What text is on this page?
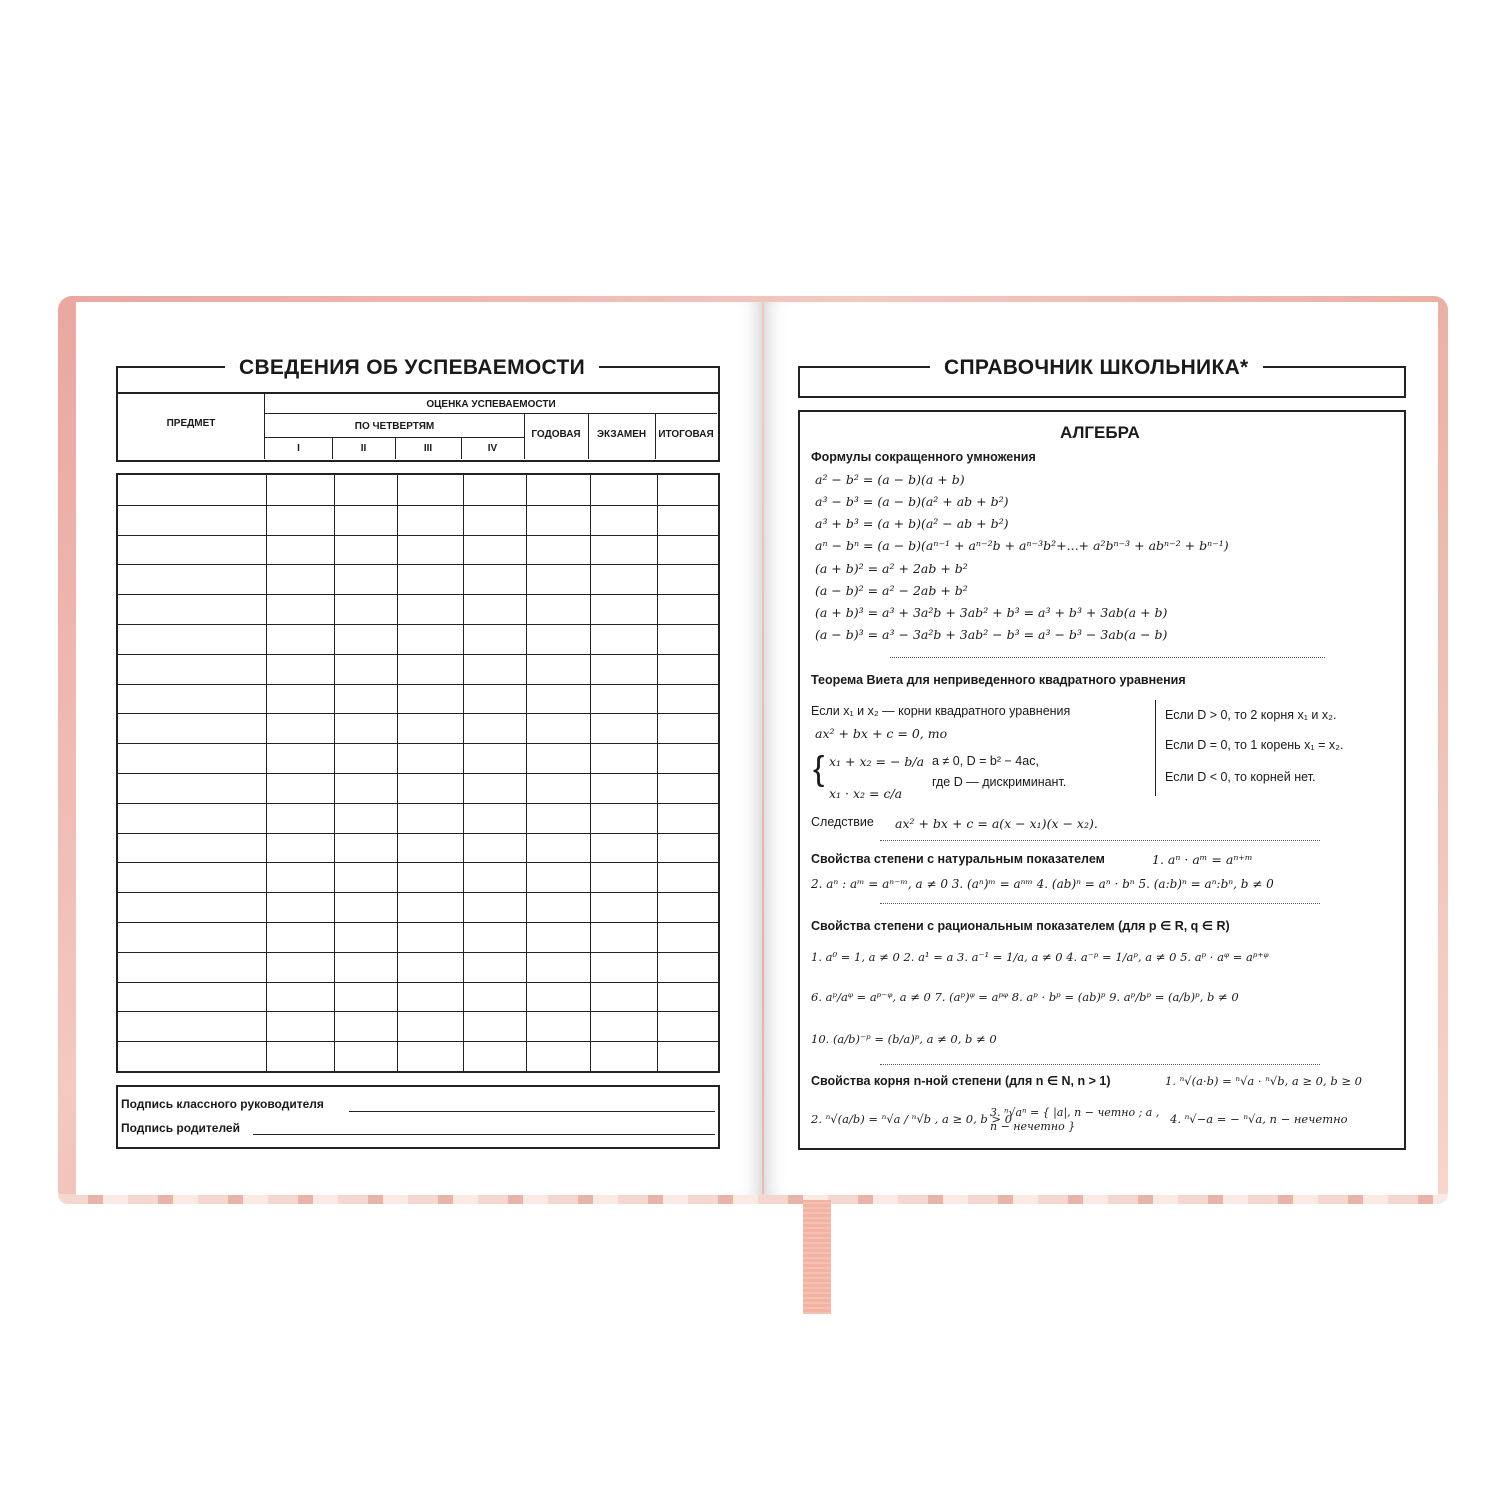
СВЕДЕНИЯ ОБ УСПЕВАЕМОСТИ
ПРЕДМЕТ
ОЦЕНКА УСПЕВАЕМОСТИ
ПО ЧЕТВЕРТЯМ
I	II	III	IV
ГОДОВАЯ	ЭКЗАМЕН	ИТОГОВАЯ
Подпись классного руководителя
Подпись родителей
СПРАВОЧНИК ШКОЛЬНИКА*
АЛГЕБРА
Формулы сокращенного умножения
a² − b² = (a − b)(a + b)
a³ − b³ = (a − b)(a² + ab + b²)
a³ + b³ = (a + b)(a² − ab + b²)
aⁿ − bⁿ = (a − b)(aⁿ⁻¹ + aⁿ⁻²b + aⁿ⁻³b²+...+ a²bⁿ⁻³ + abⁿ⁻² + bⁿ⁻¹)
(a + b)² = a² + 2ab + b²
(a − b)² = a² − 2ab + b²
(a + b)³ = a³ + 3a²b + 3ab² + b³ = a³ + b³ + 3ab(a + b)
(a − b)³ = a³ − 3a²b + 3ab² − b³ = a³ − b³ − 3ab(a − b)
Теорема Виета для неприведенного квадратного уравнения
Если x₁ и x₂ — корни квадратного уравнения
ax² + bx + c = 0, то
{ x₁ + x₂ = − b/a
x₁ · x₂ = c/a
a ≠ 0, D = b² − 4ac,
где D — дискриминант.
Если D > 0, то 2 корня x₁ и x₂.
Если D = 0, то 1 корень x₁ = x₂.
Если D < 0, то корней нет.
Следствие ax² + bx + c = a(x − x₁)(x − x₂).
Свойства степени с натуральным показателем	1. aⁿ · aᵐ = aⁿ⁺ᵐ
2. aⁿ : aᵐ = aⁿ⁻ᵐ, a ≠ 0 3. (aⁿ)ᵐ = aⁿᵐ 4. (ab)ⁿ = aⁿ · bⁿ 5. (a:b)ⁿ = aⁿ:bⁿ, b ≠ 0
Свойства степени с рациональным показателем (для p ∈ R, q ∈ R)
1. a⁰ = 1, a ≠ 0 2. a¹ = a 3. a⁻¹ = 1/a, a ≠ 0 4. a⁻ᵖ = 1/aᵖ, a ≠ 0 5. aᵖ · aᵠ = aᵖ⁺ᵠ
6. aᵖ/aᵠ = aᵖ⁻ᵠ, a ≠ 0 7. (aᵖ)ᵠ = aᵖᵠ 8. aᵖ · bᵖ = (ab)ᵖ 9. aᵖ/bᵖ = (a/b)ᵖ, b ≠ 0
10. (a/b)⁻ᵖ = (b/a)ᵖ, a ≠ 0, b ≠ 0
Свойства корня n-ной степени (для n ∈ N, n > 1)	1. ⁿ√(a·b) = ⁿ√a · ⁿ√b, a ≥ 0, b ≥ 0
2. ⁿ√(a/b) = ⁿ√a / ⁿ√b , a ≥ 0, b > 0
3. ⁿ√aⁿ = { |a|, n − четно ; a , n − нечетно }
4. ⁿ√−a = − ⁿ√a, n − нечетно
